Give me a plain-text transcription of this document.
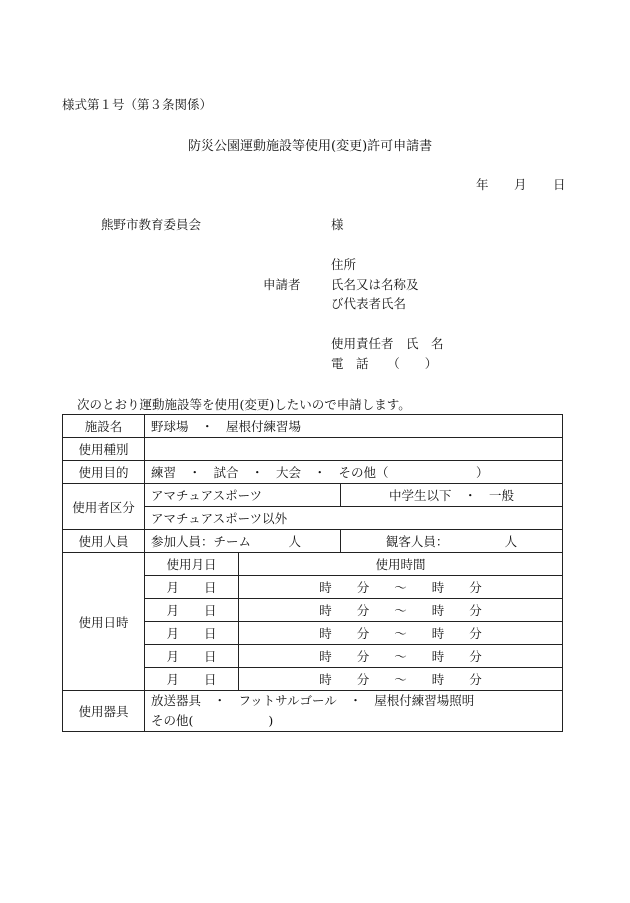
様式第１号（第３条関係）
防災公園運動施設等使用(変更)許可申請書
年 月 日
熊野市教育委員会	様
住所
申請者 氏名又は名称及
び代表者氏名
使用責任者　氏　名
電　話　　（　　）
次のとおり運動施設等を使用(変更)したいので申請します。
施設名	野球場　・　屋根付練習場		
使用種別			
使用目的	練習　・　試合　・　大会　・　その他（　　　　　　　）		
使用者区分	アマチュアスポーツ		中学生以下　・　一般
	アマチュアスポーツ以外		
使用人員	参加人員：チーム　　　人		観客人員：　　　　　人
使用日時	使用月日	使用時間	
	月　　日	時　　分　　〜　　時　　分	
	月　　日	時　　分　　〜　　時　　分	
	月　　日	時　　分　　〜　　時　　分	
	月　　日	時　　分　　〜　　時　　分	
	月　　日	時　　分　　〜　　時　　分	
使用器具	放送器具　・　フットサルゴール　・　屋根付練習場照明
その他(　　　　　　)		
